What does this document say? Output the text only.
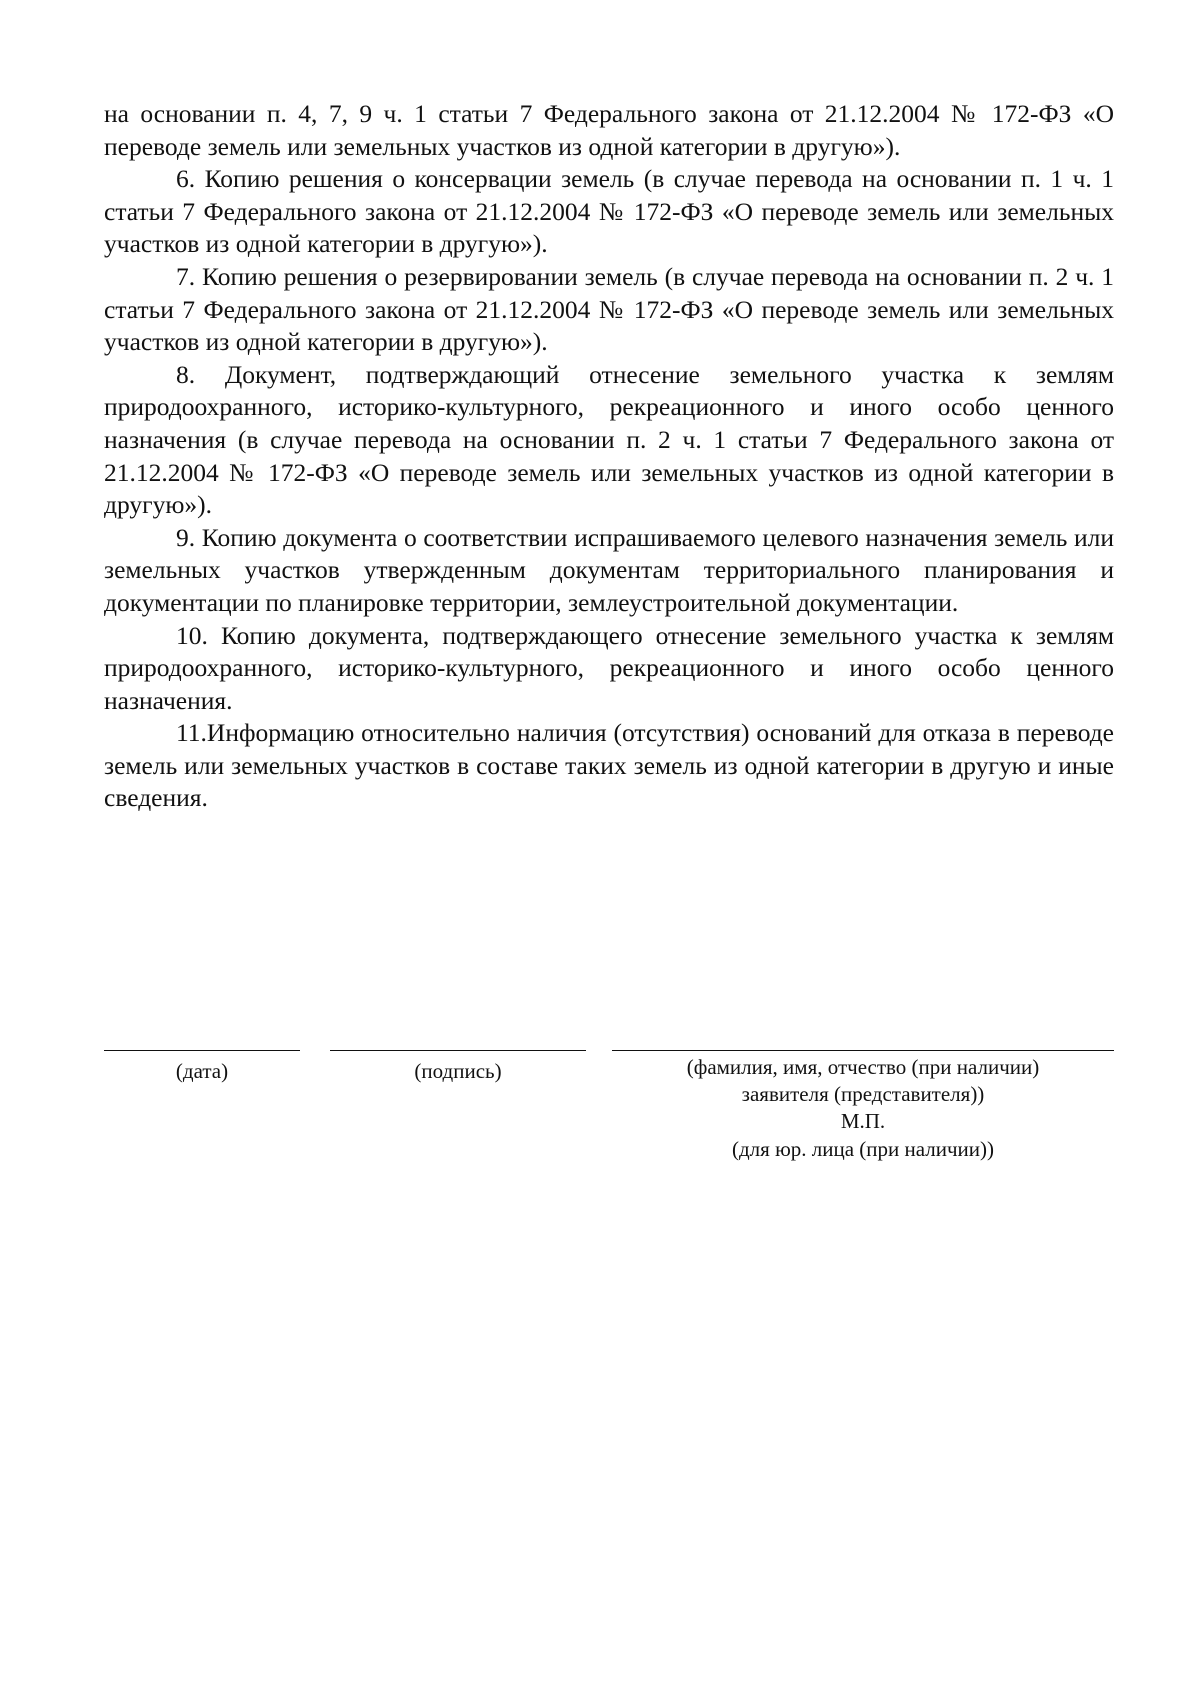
на основании п. 4, 7, 9 ч. 1 статьи 7 Федерального закона от 21.12.2004 № 172-ФЗ «О переводе земель или земельных участков из одной категории в другую»).

6. Копию решения о консервации земель (в случае перевода на основании п. 1 ч. 1 статьи 7 Федерального закона от 21.12.2004 № 172-ФЗ «О переводе земель или земельных участков из одной категории в другую»).

7. Копию решения о резервировании земель (в случае перевода на основании п. 2 ч. 1 статьи 7 Федерального закона от 21.12.2004 № 172-ФЗ «О переводе земель или земельных участков из одной категории в другую»).

8. Документ, подтверждающий отнесение земельного участка к землям природоохранного, историко-культурного, рекреационного и иного особо ценного назначения (в случае перевода на основании п. 2 ч. 1 статьи 7 Федерального закона от 21.12.2004 № 172-ФЗ «О переводе земель или земельных участков из одной категории в другую»).

9. Копию документа о соответствии испрашиваемого целевого назначения земель или земельных участков утвержденным документам территориального планирования и документации по планировке территории, землеустроительной документации.

10. Копию документа, подтверждающего отнесение земельного участка к землям природоохранного, историко-культурного, рекреационного и иного особо ценного назначения.

11.Информацию относительно наличия (отсутствия) оснований для отказа в переводе земель или земельных участков в составе таких земель из одной категории в другую и иные сведения.

(дата)	(подпись)	(фамилия, имя, отчество (при наличии)
заявителя (представителя))
М.П.
(для юр. лица (при наличии))
